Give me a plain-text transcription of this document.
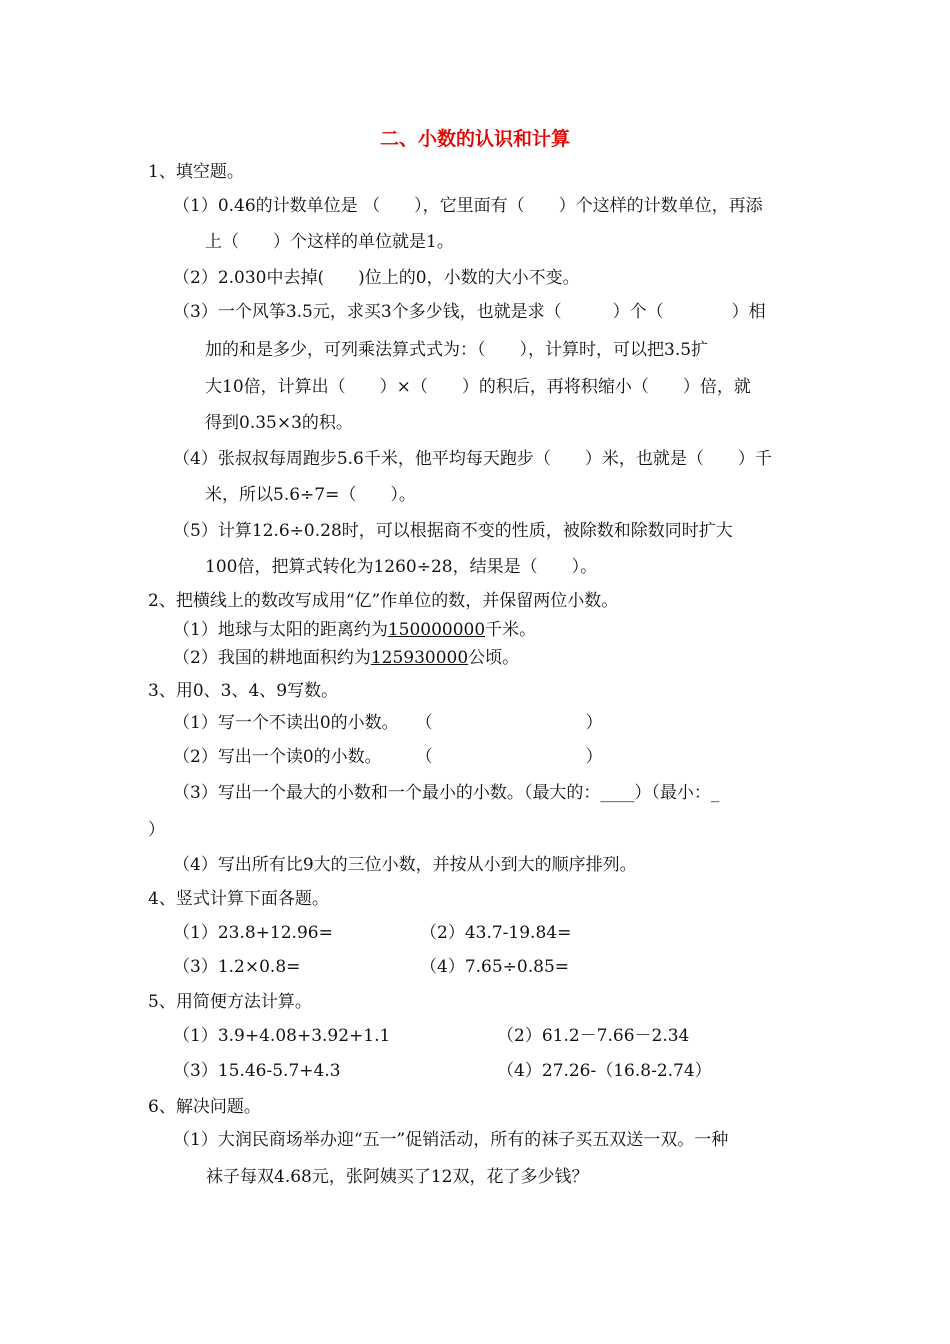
二、小数的认识和计算
1、填空题。
（1）0.46的计数单位是 （　　），它里面有（　　）个这样的计数单位，再添
上（　　）个这样的单位就是1。
（2）2.030中去掉(　　)位上的0，小数的大小不变。
（3）一个风筝3.5元，求买3个多少钱，也就是求（　　　）个（　　　　）相
加的和是多少，可列乘法算式式为：（　　），计算时，可以把3.5扩
大10倍，计算出（　　）×（　　）的积后，再将积缩小（　　）倍，就
得到0.35×3的积。
（4）张叔叔每周跑步5.6千米，他平均每天跑步（　　）米，也就是（　　）千
米，所以5.6÷7=（　　）。
（5）计算12.6÷0.28时，可以根据商不变的性质，被除数和除数同时扩大
100倍，把算式转化为1260÷28，结果是（　　）。
2、把横线上的数改写成用“亿”作单位的数，并保留两位小数。
（1）地球与太阳的距离约为150000000千米。
（2）我国的耕地面积约为125930000公顷。
3、用0、3、4、9写数。
（1）写一个不读出0的小数。　　（　　　　　　　　　）
（2）写出一个读0的小数。　　　（　　　　　　　　　）
（3）写出一个最大的小数和一个最小的小数。（最大的：____）（最小：_
）
（4）写出所有比9大的三位小数，并按从小到大的顺序排列。
4、竖式计算下面各题。
（1）23.8+12.96=	（2）43.7-19.84=
（3）1.2×0.8=	（4）7.65÷0.85=
5、用简便方法计算。
（1）3.9+4.08+3.92+1.1	（2）61.2－7.66－2.34
（3）15.46-5.7+4.3	（4）27.26-（16.8-2.74）
6、解决问题。
（1）大润民商场举办迎“五一”促销活动，所有的袜子买五双送一双。一种
袜子每双4.68元，张阿姨买了12双，花了多少钱？
